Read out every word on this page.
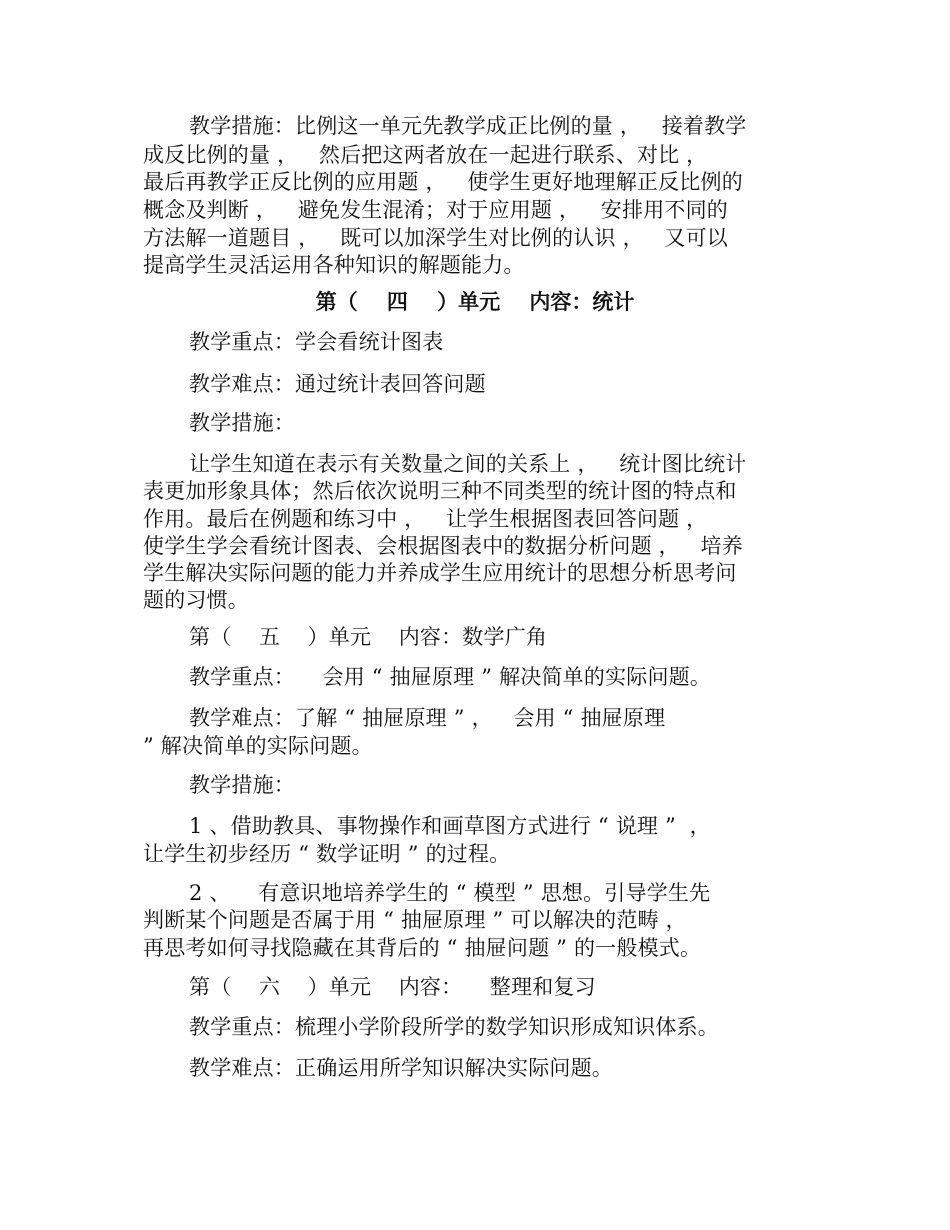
教学措施：比例这一单元先教学成正比例的量 ，   接着教学
成反比例的量 ，   然后把这两者放在一起进行联系、对比 ，
最后再教学正反比例的应用题 ，   使学生更好地理解正反比例的
概念及判断 ，   避免发生混淆；对于应用题 ，   安排用不同的
方法解一道题目 ，   既可以加深学生对比例的认识 ，   又可以
提高学生灵活运用各种知识的解题能力。
第（    四    ）单元    内容：统计
教学重点：学会看统计图表
教学难点：通过统计表回答问题
教学措施：
让学生知道在表示有关数量之间的关系上 ，   统计图比统计
表更加形象具体；然后依次说明三种不同类型的统计图的特点和
作用。最后在例题和练习中 ，   让学生根据图表回答问题 ，
使学生学会看统计图表、会根据图表中的数据分析问题 ，   培养
学生解决实际问题的能力并养成学生应用统计的思想分析思考问
题的习惯。
第（    五    ）单元    内容：数学广角
教学重点：    会用 “ 抽屉原理 ” 解决简单的实际问题。
教学难点：了解 “ 抽屉原理 ” ，   会用 “ 抽屉原理
” 解决简单的实际问题。
教学措施：
1 、借助教具、事物操作和画草图方式进行 “ 说理 ”  ，
让学生初步经历 “ 数学证明 ” 的过程。
2 、    有意识地培养学生的 “ 模型 ” 思想。引导学生先
判断某个问题是否属于用 “ 抽屉原理 ” 可以解决的范畴 ，
再思考如何寻找隐藏在其背后的 “ 抽屉问题 ” 的一般模式。
第（    六    ）单元    内容：    整理和复习
教学重点：梳理小学阶段所学的数学知识形成知识体系。
教学难点：正确运用所学知识解决实际问题。
